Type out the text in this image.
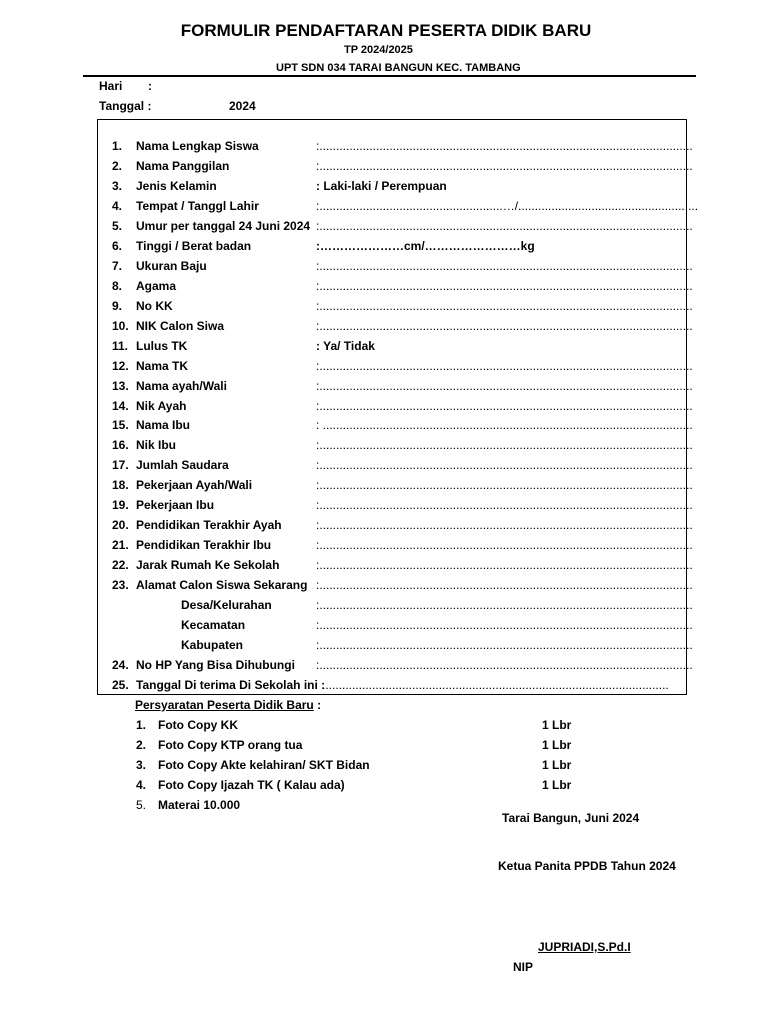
FORMULIR PENDAFTARAN PESERTA DIDIK BARU
TP 2024/2025
UPT SDN 034 TARAI BANGUN KEC. TAMBANG
Hari :
Tanggal :	2024
1. Nama Lengkap Siswa	:................................................................................................................
2. Nama Panggilan	:................................................................................................................
3. Jenis Kelamin	: Laki-laki / Perempuan
4. Tempat / Tanggl Lahir	:.......................................................…/......................................................
5. Umur per tanggal 24 Juni 2024 :................................................................................................................
6. Tinggi / Berat badan	:…………………cm/……………………kg
7. Ukuran Baju	:................................................................................................................
8. Agama	:................................................................................................................
9. No KK	:................................................................................................................
10. NIK Calon Siwa	:................................................................................................................
11. Lulus TK	: Ya/ Tidak
12. Nama TK	:................................................................................................................
13. Nama ayah/Wali	:................................................................................................................
14. Nik Ayah	:................................................................................................................
15. Nama Ibu	: ...............................................................................................................
16. Nik Ibu	:................................................................................................................
17. Jumlah Saudara	:................................................................................................................
18. Pekerjaan Ayah/Wali	:................................................................................................................
19. Pekerjaan Ibu	:................................................................................................................
20. Pendidikan Terakhir Ayah	:................................................................................................................
21. Pendidikan Terakhir Ibu	:................................................................................................................
22. Jarak Rumah Ke Sekolah	:................................................................................................................
23. Alamat Calon Siswa Sekarang :................................................................................................................
Desa/Kelurahan	:................................................................................................................
Kecamatan	:................................................................................................................
Kabupaten	:................................................................................................................
24. No HP Yang Bisa Dihubungi :................................................................................................................
25. Tanggal Di terima Di Sekolah ini :
........................................................................................................
Persyaratan Peserta Didik Baru :
1. Foto Copy KK	1 Lbr
2. Foto Copy KTP orang tua	1 Lbr
3. Foto Copy Akte kelahiran/ SKT Bidan	1 Lbr
4. Foto Copy Ijazah TK ( Kalau ada)	1 Lbr
5. Materai 10.000
Tarai Bangun, Juni 2024
Ketua Panita PPDB Tahun 2024
JUPRIADI,S.Pd.I
NIP
